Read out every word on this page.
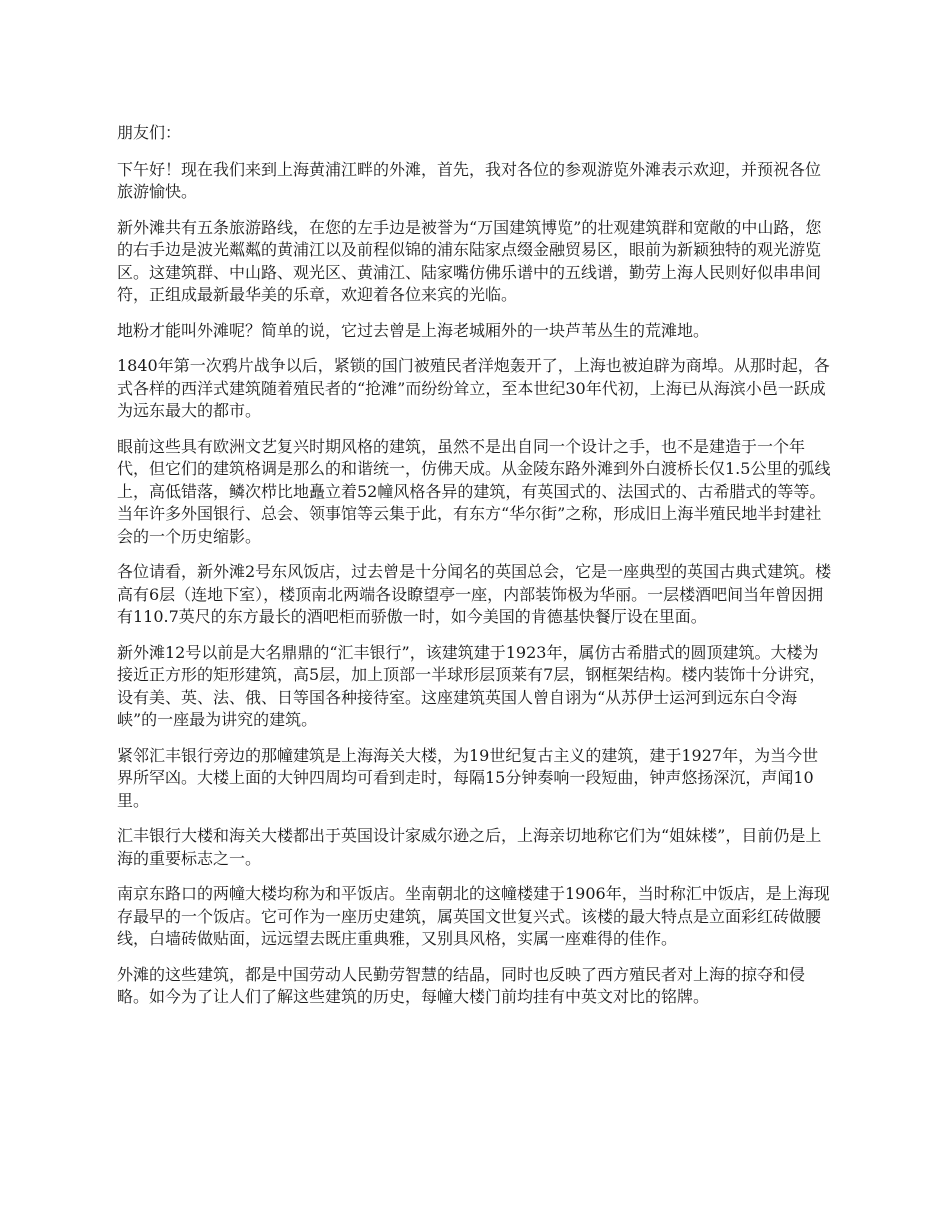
朋友们：

下午好！现在我们来到上海黄浦江畔的外滩，首先，我对各位的参观游览外滩表示欢迎，并预祝各位旅游愉快。

新外滩共有五条旅游路线，在您的左手边是被誉为“万国建筑博览”的壮观建筑群和宽敞的中山路，您的右手边是波光粼粼的黄浦江以及前程似锦的浦东陆家点缀金融贸易区，眼前为新颖独特的观光游览区。这建筑群、中山路、观光区、黄浦江、陆家嘴仿佛乐谱中的五线谱，勤劳上海人民则好似串串间符，正组成最新最华美的乐章，欢迎着各位来宾的光临。

地粉才能叫外滩呢？简单的说，它过去曾是上海老城厢外的一块芦苇丛生的荒滩地。

1840年第一次鸦片战争以后，紧锁的国门被殖民者洋炮轰开了，上海也被迫辟为商埠。从那时起，各式各样的西洋式建筑随着殖民者的“抢滩”而纷纷耸立，至本世纪30年代初，上海已从海滨小邑一跃成为远东最大的都市。

眼前这些具有欧洲文艺复兴时期风格的建筑，虽然不是出自同一个设计之手，也不是建造于一个年代，但它们的建筑格调是那么的和谐统一，仿佛天成。从金陵东路外滩到外白渡桥长仅1.5公里的弧线上，高低错落，鳞次栉比地矗立着52幢风格各异的建筑，有英国式的、法国式的、古希腊式的等等。当年许多外国银行、总会、领事馆等云集于此，有东方“华尔街”之称，形成旧上海半殖民地半封建社会的一个历史缩影。

各位请看，新外滩2号东风饭店，过去曾是十分闻名的英国总会，它是一座典型的英国古典式建筑。楼高有6层（连地下室），楼顶南北两端各设瞭望亭一座，内部装饰极为华丽。一层楼酒吧间当年曾因拥有110.7英尺的东方最长的酒吧柜而骄傲一时，如今美国的肯德基快餐厅设在里面。

新外滩12号以前是大名鼎鼎的“汇丰银行”，该建筑建于1923年，属仿古希腊式的圆顶建筑。大楼为接近正方形的矩形建筑，高5层，加上顶部一半球形层顶莱有7层，钢框架结构。楼内装饰十分讲究，设有美、英、法、俄、日等国各种接待室。这座建筑英国人曾自诩为“从苏伊士运河到远东白令海峡”的一座最为讲究的建筑。

紧邻汇丰银行旁边的那幢建筑是上海海关大楼，为19世纪复古主义的建筑，建于1927年，为当今世界所罕凶。大楼上面的大钟四周均可看到走时，每隔15分钟奏响一段短曲，钟声悠扬深沉，声闻10里。

汇丰银行大楼和海关大楼都出于英国设计家威尔逊之后，上海亲切地称它们为“姐妹楼”，目前仍是上海的重要标志之一。

南京东路口的两幢大楼均称为和平饭店。坐南朝北的这幢楼建于1906年，当时称汇中饭店，是上海现存最早的一个饭店。它可作为一座历史建筑，属英国文世复兴式。该楼的最大特点是立面彩红砖做腰线，白墙砖做贴面，远远望去既庄重典雅，又别具风格，实属一座难得的佳作。

外滩的这些建筑，都是中国劳动人民勤劳智慧的结晶，同时也反映了西方殖民者对上海的掠夺和侵略。如今为了让人们了解这些建筑的历史，每幢大楼门前均挂有中英文对比的铭牌。
